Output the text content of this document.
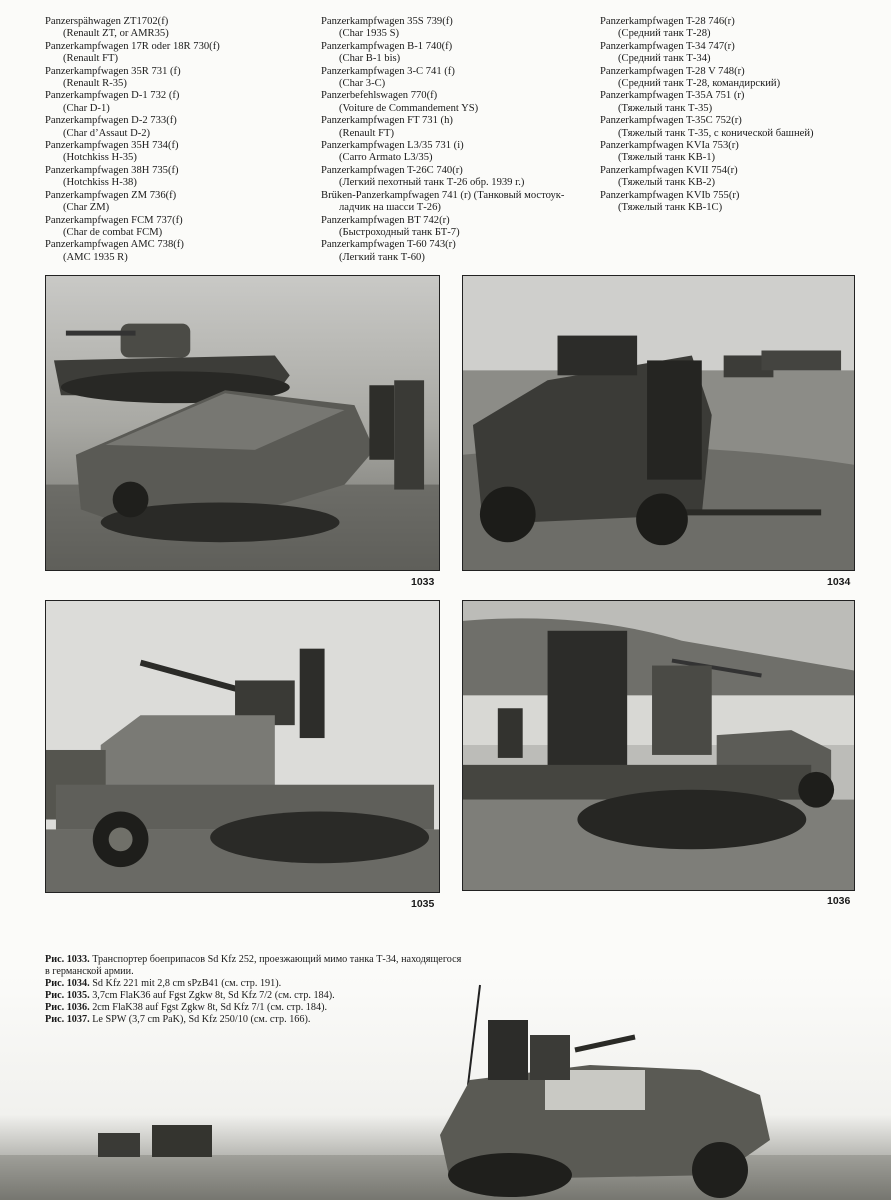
Panzerspähwagen ZT1702(f)
(Renault ZT, or AMR35)
Panzerkampfwagen 17R oder 18R 730(f)
(Renault FT)
Panzerkampfwagen 35R 731 (f)
(Renault R-35)
Panzerkampfwagen D-1 732 (f)
(Char D-1)
Panzerkampfwagen D-2 733(f)
(Char d’Assaut D-2)
Panzerkampfwagen 35H 734(f)
(Hotchkiss H-35)
Panzerkampfwagen 38H 735(f)
(Hotchkiss H-38)
Panzerkampfwagen ZM 736(f)
(Char ZM)
Panzerkampfwagen FCM 737(f)
(Char de combat FCM)
Panzerkampfwagen AMC 738(f)
(AMC 1935 R)
Panzerkampfwagen 35S 739(f)
(Char 1935 S)
Panzerkampfwagen B-1 740(f)
(Char B-1 bis)
Panzerkampfwagen 3-C 741 (f)
(Char 3-C)
Panzerbefehlswagen 770(f)
(Voiture de Commandement YS)
Panzerkampfwagen FT 731 (h)
(Renault FT)
Panzerkampfwagen L3/35 731 (i)
(Carro Armato L3/35)
Panzerkampfwagen T-26C 740(r)
(Легкий пехотный танк Т-26 обр. 1939 г.)
Brüken-Panzerkampfwagen 741 (r) (Танковый мостоук-
ладчик на шасси Т-26)
Panzerkampfwagen BT 742(r)
(Быстроходный танк БТ-7)
Panzerkampfwagen T-60 743(r)
(Легкий танк Т-60)
Panzerkampfwagen T-28 746(r)
(Средний танк Т-28)
Panzerkampfwagen T-34 747(r)
(Средний танк Т-34)
Panzerkampfwagen T-28 V 748(r)
(Средний танк Т-28, командирский)
Panzerkampfwagen T-35A 751 (r)
(Тяжелый танк Т-35)
Panzerkampfwagen T-35C 752(r)
(Тяжелый танк Т-35, с конической башней)
Panzerkampfwagen KVIa 753(r)
(Тяжелый танк KB-1)
Panzerkampfwagen KVII 754(r)
(Тяжелый танк KB-2)
Panzerkampfwagen KVIb 755(r)
(Тяжелый танк KB-1C)
1033	1034
1035	1036

Рис. 1033. Транспортер боеприпасов Sd Kfz 252, проезжающий мимо танка Т-34, находящегося в германской армии.

Рис. 1034. Sd Kfz 221 mit 2,8 cm sPzB41 (см. стр. 191).

Рис. 1035. 3,7cm FlaK36 auf Fgst Zgkw 8t, Sd Kfz 7/2 (см. стр. 184).

Рис. 1036. 2cm FlaK38 auf Fgst Zgkw 8t, Sd Kfz 7/1 (см. стр. 184).

Рис. 1037. Le SPW (3,7 cm PaK), Sd Kfz 250/10 (см. стр. 166).
